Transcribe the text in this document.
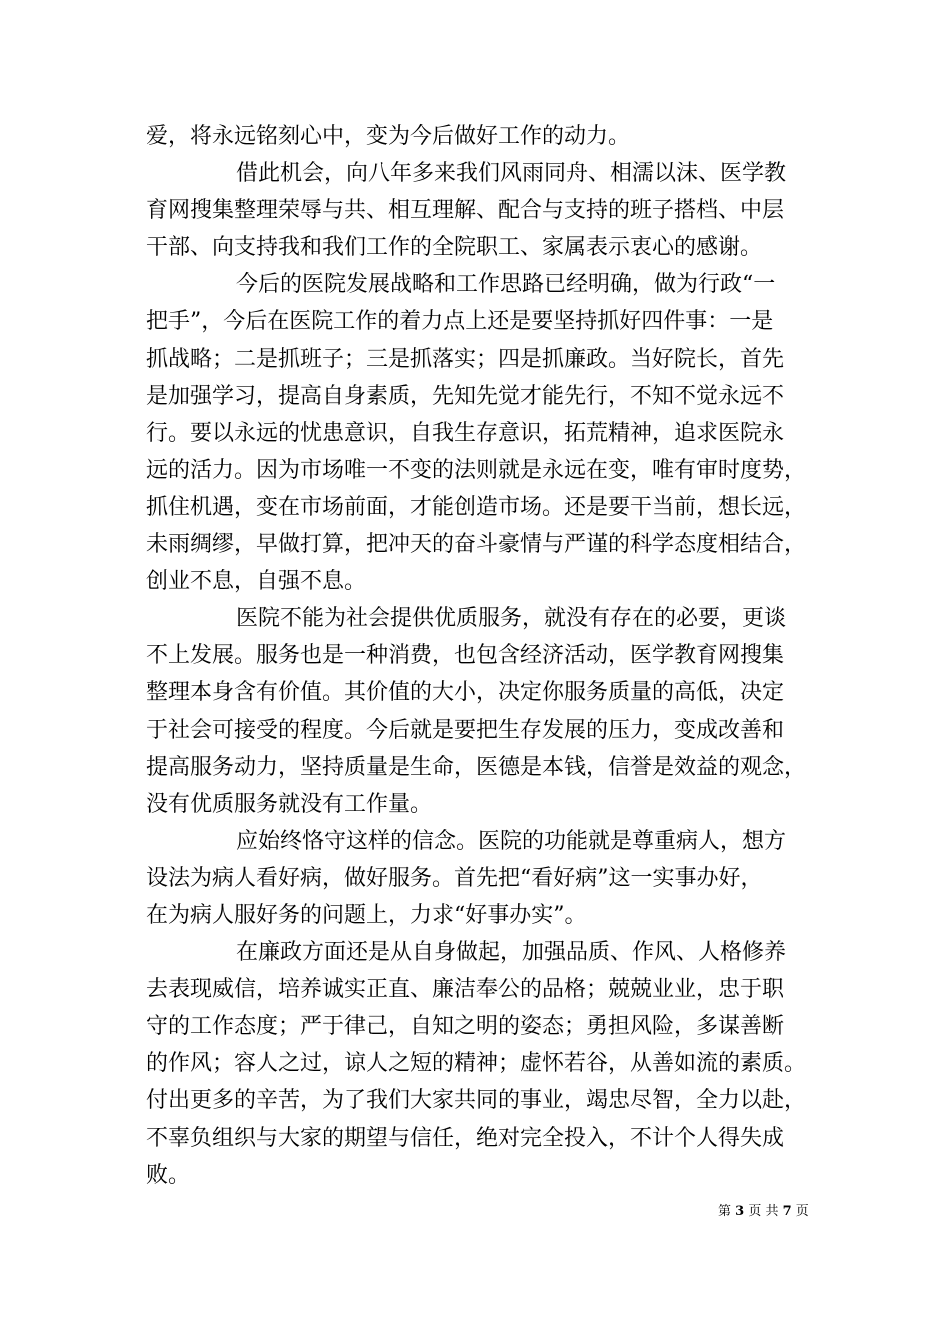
爱，将永远铭刻心中，变为今后做好工作的动力。

借此机会，向八年多来我们风雨同舟、相濡以沫、医学教
育网搜集整理荣辱与共、相互理解、配合与支持的班子搭档、中层
干部、向支持我和我们工作的全院职工、家属表示衷心的感谢。

今后的医院发展战略和工作思路已经明确，做为行政“一
把手”，今后在医院工作的着力点上还是要坚持抓好四件事：一是
抓战略；二是抓班子；三是抓落实；四是抓廉政。当好院长，首先
是加强学习，提高自身素质，先知先觉才能先行，不知不觉永远不
行。要以永远的忧患意识，自我生存意识，拓荒精神，追求医院永
远的活力。因为市场唯一不变的法则就是永远在变，唯有审时度势，
抓住机遇，变在市场前面，才能创造市场。还是要干当前，想长远，
未雨绸缪，早做打算，把冲天的奋斗豪情与严谨的科学态度相结合，
创业不息，自强不息。

医院不能为社会提供优质服务，就没有存在的必要，更谈
不上发展。服务也是一种消费，也包含经济活动，医学教育网搜集
整理本身含有价值。其价值的大小，决定你服务质量的高低，决定
于社会可接受的程度。今后就是要把生存发展的压力，变成改善和
提高服务动力，坚持质量是生命，医德是本钱，信誉是效益的观念，
没有优质服务就没有工作量。

应始终恪守这样的信念。医院的功能就是尊重病人，想方
设法为病人看好病，做好服务。首先把“看好病”这一实事办好，
在为病人服好务的问题上，力求“好事办实”。

在廉政方面还是从自身做起，加强品质、作风、人格修养
去表现威信，培养诚实正直、廉洁奉公的品格；兢兢业业，忠于职
守的工作态度；严于律己，自知之明的姿态；勇担风险，多谋善断
的作风；容人之过，谅人之短的精神；虚怀若谷，从善如流的素质。
付出更多的辛苦，为了我们大家共同的事业，竭忠尽智，全力以赴，
不辜负组织与大家的期望与信任，绝对完全投入，不计个人得失成
败。

第 3 页 共 7 页
